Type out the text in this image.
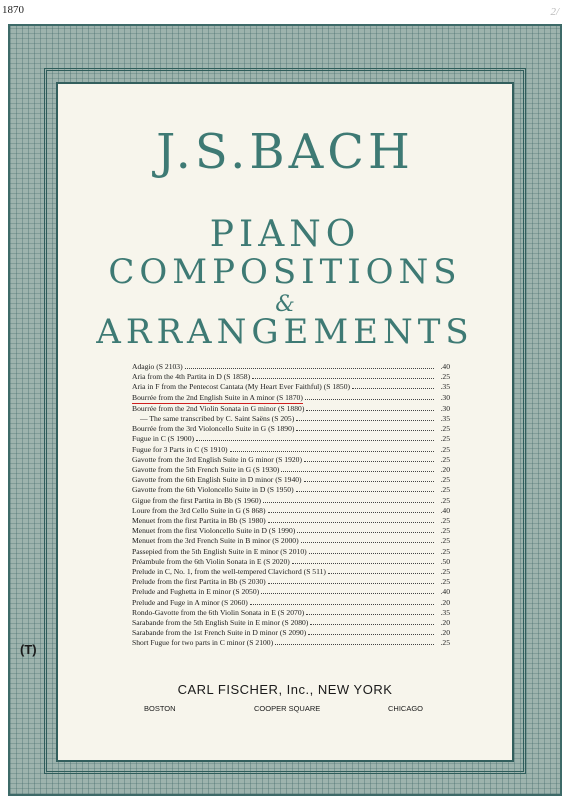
1870	2/
J.S.BACH
PIANO
COMPOSITIONS
&
ARRANGEMENTS
Adagio (S 2103)	.40
Aria from the 4th Partita in D (S 1858)	.25
Aria in F from the Pentecost Cantata (My Heart Ever Faithful) (S 1850)	.35
Bourrée from the 2nd English Suite in A minor (S 1870)	.30
Bourrée from the 2nd Violin Sonata in G minor (S 1880)	.30
— The same transcribed by C. Saint Saëns (S 205)	.35
Bourrée from the 3rd Violoncello Suite in G (S 1890)	.25
Fugue in C (S 1900)	.25
Fugue for 3 Parts in C (S 1910)	.25
Gavotte from the 3rd English Suite in G minor (S 1920)	.25
Gavotte from the 5th French Suite in G (S 1930)	.20
Gavotte from the 6th English Suite in D minor (S 1940)	.25
Gavotte from the 6th Violoncello Suite in D (S 1950)	.25
Gigue from the first Partita in Bb (S 1960)	.25
Loure from the 3rd Cello Suite in G (S 868)	.40
Menuet from the first Partita in Bb (S 1980)	.25
Menuet from the first Violoncello Suite in D (S 1990)	.25
Menuet from the 3rd French Suite in B minor (S 2000)	.25
Passepied from the 5th English Suite in E minor (S 2010)	.25
Préambule from the 6th Violin Sonata in E (S 2020)	.50
Prelude in C, No. 1, from the well-tempered Clavichord (S 511)	.25
Prelude from the first Partita in Bb (S 2030)	.25
Prelude and Fughetta in E minor (S 2050)	.40
Prelude and Fuge in A minor (S 2060)	.20
Rondo-Gavotte from the 6th Violin Sonata in E (S 2070)	.35
Sarabande from the 5th English Suite in E minor (S 2080)	.20
Sarabande from the 1st French Suite in D minor (S 2090)	.20
Short Fugue for two parts in C minor (S 2100)	.25
CARL FISCHER, Inc., NEW YORK
BOSTON	COOPER SQUARE	CHICAGO
(T)
